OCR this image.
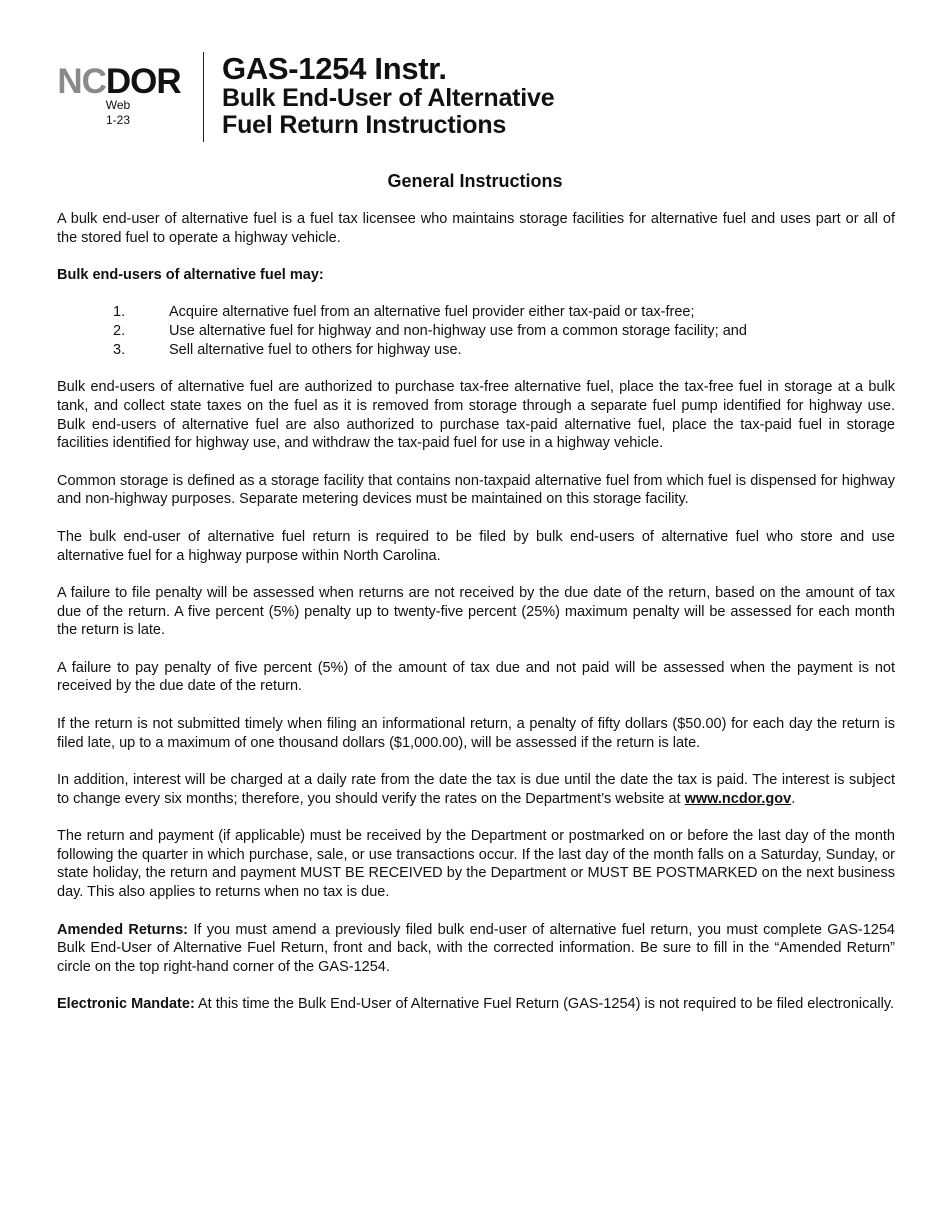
NCDOR
Web
1-23
GAS-1254 Instr.
Bulk End-User of Alternative
Fuel Return Instructions
General Instructions

A bulk end-user of alternative fuel is a fuel tax licensee who maintains storage facilities for alternative fuel and uses part or all of the stored fuel to operate a highway vehicle.

Bulk end-users of alternative fuel may:

1.	Acquire alternative fuel from an alternative fuel provider either tax-paid or tax-free;
2.	Use alternative fuel for highway and non-highway use from a common storage facility; and
3.	Sell alternative fuel to others for highway use.

Bulk end-users of alternative fuel are authorized to purchase tax-free alternative fuel, place the tax-free fuel in storage at a bulk tank, and collect state taxes on the fuel as it is removed from storage through a separate fuel pump identified for highway use. Bulk end-users of alternative fuel are also authorized to purchase tax-paid alternative fuel, place the tax-paid fuel in storage facilities identified for highway use, and withdraw the tax-paid fuel for use in a highway vehicle.

Common storage is defined as a storage facility that contains non-taxpaid alternative fuel from which fuel is dispensed for highway and non-highway purposes. Separate metering devices must be maintained on this storage facility.

The bulk end-user of alternative fuel return is required to be filed by bulk end-users of alternative fuel who store and use alternative fuel for a highway purpose within North Carolina.

A failure to file penalty will be assessed when returns are not received by the due date of the return, based on the amount of tax due of the return. A five percent (5%) penalty up to twenty-five percent (25%) maximum penalty will be assessed for each month the return is late.

A failure to pay penalty of five percent (5%) of the amount of tax due and not paid will be assessed when the payment is not received by the due date of the return.

If the return is not submitted timely when filing an informational return, a penalty of fifty dollars ($50.00) for each day the return is filed late, up to a maximum of one thousand dollars ($1,000.00), will be assessed if the return is late.

In addition, interest will be charged at a daily rate from the date the tax is due until the date the tax is paid. The interest is subject to change every six months; therefore, you should verify the rates on the Department’s website at www.ncdor.gov.

The return and payment (if applicable) must be received by the Department or postmarked on or before the last day of the month following the quarter in which purchase, sale, or use transactions occur. If the last day of the month falls on a Saturday, Sunday, or state holiday, the return and payment MUST BE RECEIVED by the Department or MUST BE POSTMARKED on the next business day. This also applies to returns when no tax is due.

Amended Returns: If you must amend a previously filed bulk end-user of alternative fuel return, you must complete GAS-1254 Bulk End-User of Alternative Fuel Return, front and back, with the corrected information. Be sure to fill in the “Amended Return” circle on the top right-hand corner of the GAS-1254.

Electronic Mandate: At this time the Bulk End-User of Alternative Fuel Return (GAS-1254) is not required to be filed electronically.
